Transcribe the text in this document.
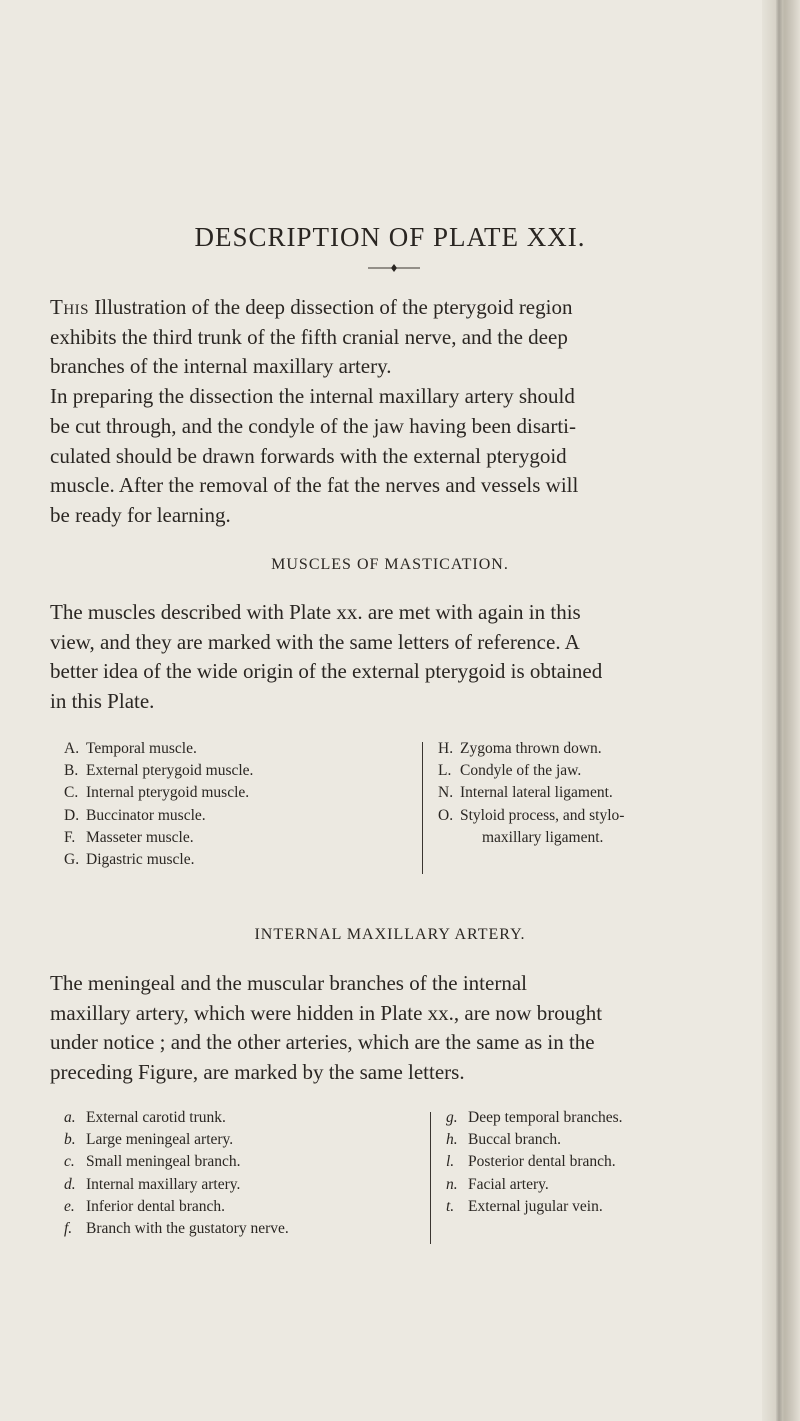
DESCRIPTION OF PLATE XXI.
This Illustration of the deep dissection of the pterygoid region
exhibits the third trunk of the fifth cranial nerve, and the deep
branches of the internal maxillary artery.
In preparing the dissection the internal maxillary artery should
be cut through, and the condyle of the jaw having been disarti-
culated should be drawn forwards with the external pterygoid
muscle. After the removal of the fat the nerves and vessels will
be ready for learning.
MUSCLES OF MASTICATION.
The muscles described with Plate xx. are met with again in this
view, and they are marked with the same letters of reference. A
better idea of the wide origin of the external pterygoid is obtained
in this Plate.
A. Temporal muscle.
B. External pterygoid muscle.
C. Internal pterygoid muscle.
D. Buccinator muscle.
F. Masseter muscle.
G. Digastric muscle.
H. Zygoma thrown down.
L. Condyle of the jaw.
N. Internal lateral ligament.
O. Styloid process, and stylo-
maxillary ligament.
INTERNAL MAXILLARY ARTERY.
The meningeal and the muscular branches of the internal
maxillary artery, which were hidden in Plate xx., are now brought
under notice ; and the other arteries, which are the same as in the
preceding Figure, are marked by the same letters.
a. External carotid trunk.
b. Large meningeal artery.
c. Small meningeal branch.
d. Internal maxillary artery.
e. Inferior dental branch.
f. Branch with the gustatory nerve.
g. Deep temporal branches.
h. Buccal branch.
l. Posterior dental branch.
n. Facial artery.
t. External jugular vein.
